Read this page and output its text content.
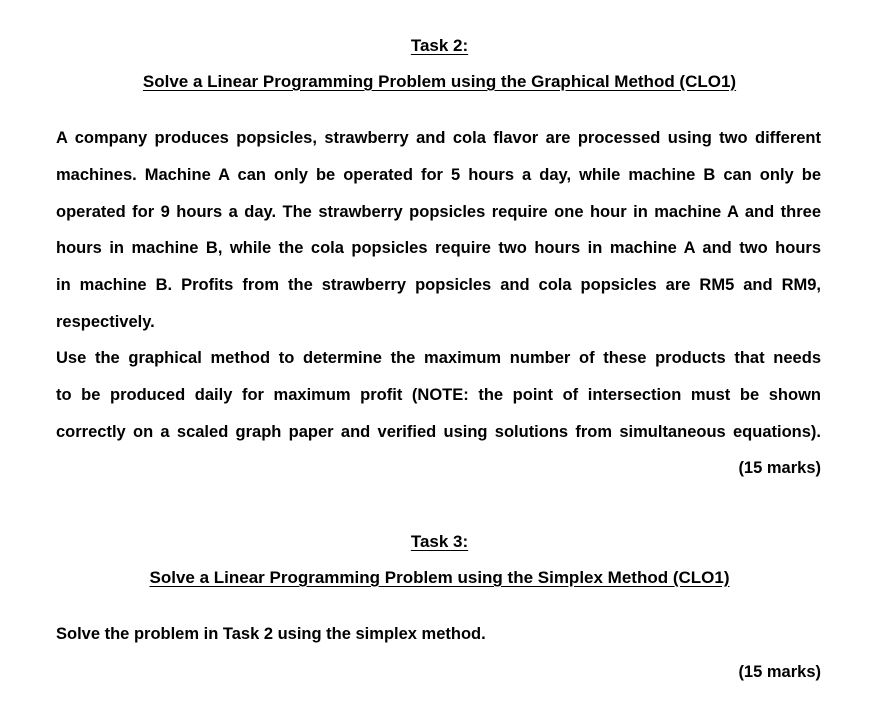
Task 2:
Solve a Linear Programming Problem using the Graphical Method (CLO1)
A company produces popsicles, strawberry and cola flavor are processed using two different
machines. Machine A can only be operated for 5 hours a day, while machine B can only be
operated for 9 hours a day. The strawberry popsicles require one hour in machine A and three
hours in machine B, while the cola popsicles require two hours in machine A and two hours
in machine B. Profits from the strawberry popsicles and cola popsicles are RM5 and RM9,
respectively.
Use the graphical method to determine the maximum number of these products that needs
to be produced daily for maximum profit (NOTE: the point of intersection must be shown
correctly on a scaled graph paper and verified using solutions from simultaneous equations).
(15 marks)
Task 3:
Solve a Linear Programming Problem using the Simplex Method (CLO1)
Solve the problem in Task 2 using the simplex method.
(15 marks)
